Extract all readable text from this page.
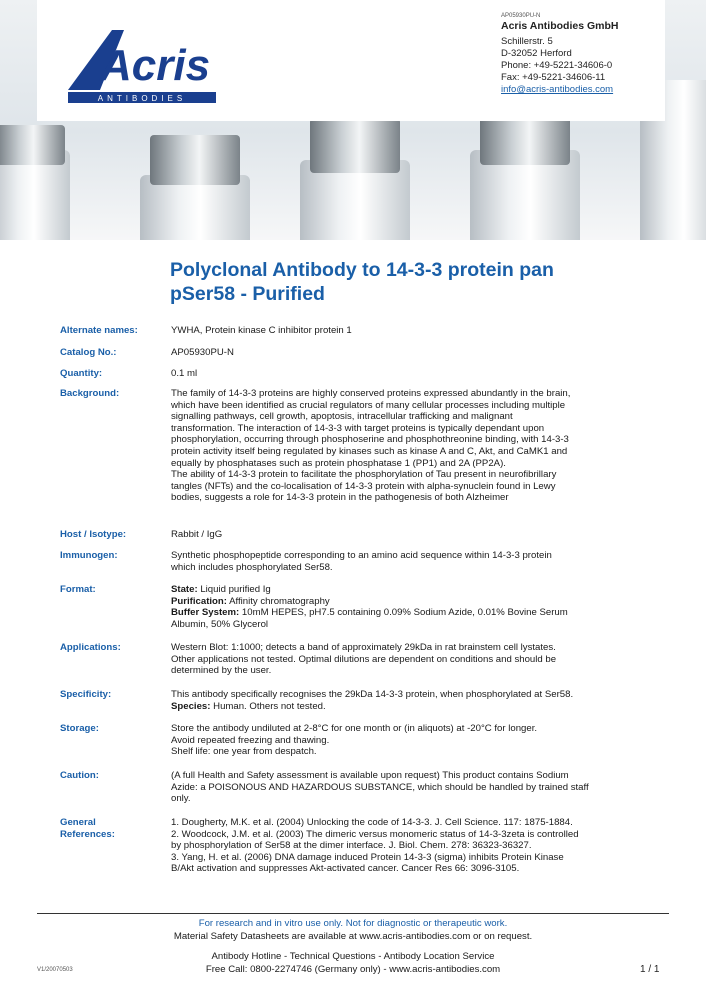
Acris
ANTIBODIES
AP05930PU-N
Acris Antibodies GmbH
Schillerstr. 5
D-32052 Herford
Phone: +49-5221-34606-0
Fax: +49-5221-34606-11
info@acris-antibodies.com
Polyclonal Antibody to 14-3-3 protein pan
pSer58 - Purified
Alternate names:	YWHA, Protein kinase C inhibitor protein 1
Catalog No.:	AP05930PU-N
Quantity:	0.1 ml
Background:	The family of 14-3-3 proteins are highly conserved proteins expressed abundantly in the brain,
which have been identified as crucial regulators of many cellular processes including multiple
signalling pathways, cell growth, apoptosis, intracellular trafficking and malignant
transformation. The interaction of 14-3-3 with target proteins is typically dependant upon
phosphorylation, occurring through phosphoserine and phosphothreonine binding, with 14-3-3
protein activity itself being regulated by kinases such as kinase A and C, Akt, and CaMK1 and
equally by phosphatases such as protein phosphatase 1 (PP1) and 2A (PP2A).
The ability of 14-3-3 protein to facilitate the phosphorylation of Tau present in neurofibrillary
tangles (NFTs) and the co-localisation of 14-3-3 protein with alpha-synuclein found in Lewy
bodies, suggests a role for 14-3-3 protein in the pathogenesis of both Alzheimer
Host / Isotype:	Rabbit / IgG
Immunogen:	Synthetic phosphopeptide corresponding to an amino acid sequence within 14-3-3 protein
which includes phosphorylated Ser58.
Format:	State: Liquid purified Ig
Purification: Affinity chromatography
Buffer System: 10mM HEPES, pH7.5 containing 0.09% Sodium Azide, 0.01% Bovine Serum
Albumin, 50% Glycerol
Applications:	Western Blot: 1:1000; detects a band of approximately 29kDa in rat brainstem cell lystates.
Other applications not tested. Optimal dilutions are dependent on conditions and should be
determined by the user.
Specificity:	This antibody specifically recognises the 29kDa 14-3-3 protein, when phosphorylated at Ser58.
Species: Human. Others not tested.
Storage:	Store the antibody undiluted at 2-8°C for one month or (in aliquots) at -20°C for longer.
Avoid repeated freezing and thawing.
Shelf life: one year from despatch.
Caution:	(A full Health and Safety assessment is available upon request) This product contains Sodium
Azide: a POISONOUS AND HAZARDOUS SUBSTANCE, which should be handled by trained staff
only.
General
References:
1. Dougherty, M.K. et al. (2004) Unlocking the code of 14-3-3. J. Cell Science. 117: 1875-1884.
2. Woodcock, J.M. et al. (2003) The dimeric versus monomeric status of 14-3-3zeta is controlled
by phosphorylation of Ser58 at the dimer interface. J. Biol. Chem. 278: 36323-36327.
3. Yang, H. et al. (2006) DNA damage induced Protein 14-3-3 (sigma) inhibits Protein Kinase
B/Akt activation and suppresses Akt-activated cancer. Cancer Res 66: 3096-3105.
For research and in vitro use only. Not for diagnostic or therapeutic work.
Material Safety Datasheets are available at www.acris-antibodies.com or on request.
Antibody Hotline - Technical Questions - Antibody Location Service
Free Call: 0800-2274746 (Germany only) - www.acris-antibodies.com
V1/20070503	1 / 1
